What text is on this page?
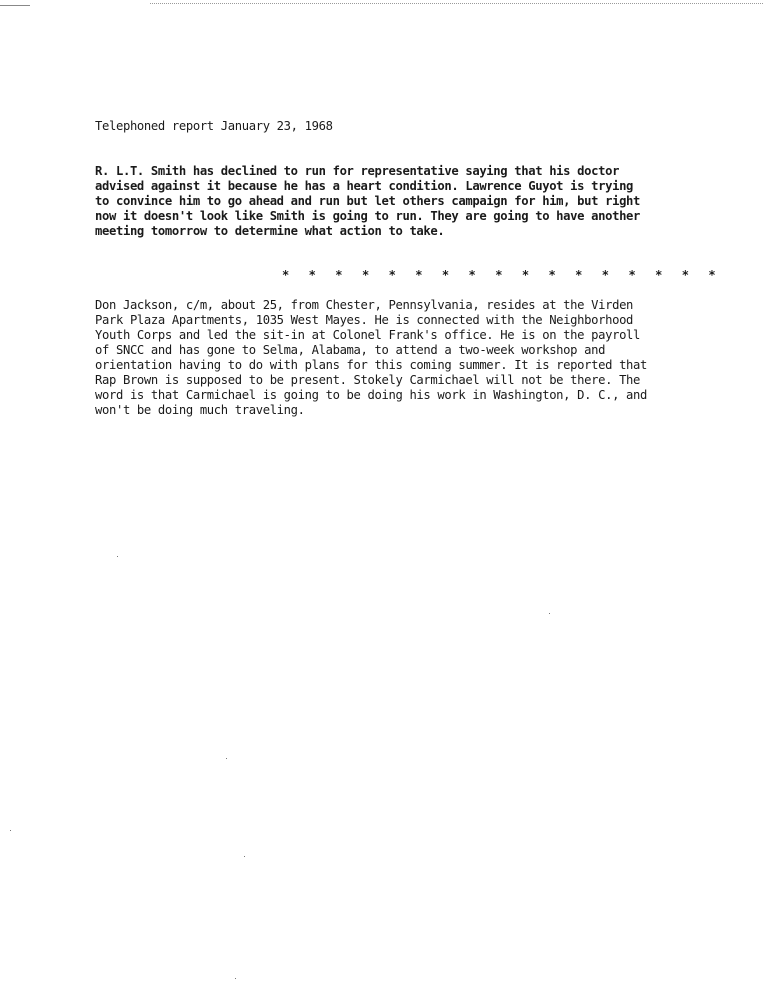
Telephoned report January 23, 1968
R. L.T. Smith has declined to run for representative saying that his doctor
advised against it because he has a heart condition. Lawrence Guyot is trying
to convince him to go ahead and run but let others campaign for him, but right
now it doesn't look like Smith is going to run. They are going to have another
meeting tomorrow to determine what action to take.
* * * * * * * * * * * * * * * * *
Don Jackson, c/m, about 25, from Chester, Pennsylvania, resides at the Virden
Park Plaza Apartments, 1035 West Mayes. He is connected with the Neighborhood
Youth Corps and led the sit-in at Colonel Frank's office. He is on the payroll
of SNCC and has gone to Selma, Alabama, to attend a two-week workshop and
orientation having to do with plans for this coming summer. It is reported that
Rap Brown is supposed to be present. Stokely Carmichael will not be there. The
word is that Carmichael is going to be doing his work in Washington, D. C., and
won't be doing much traveling.
